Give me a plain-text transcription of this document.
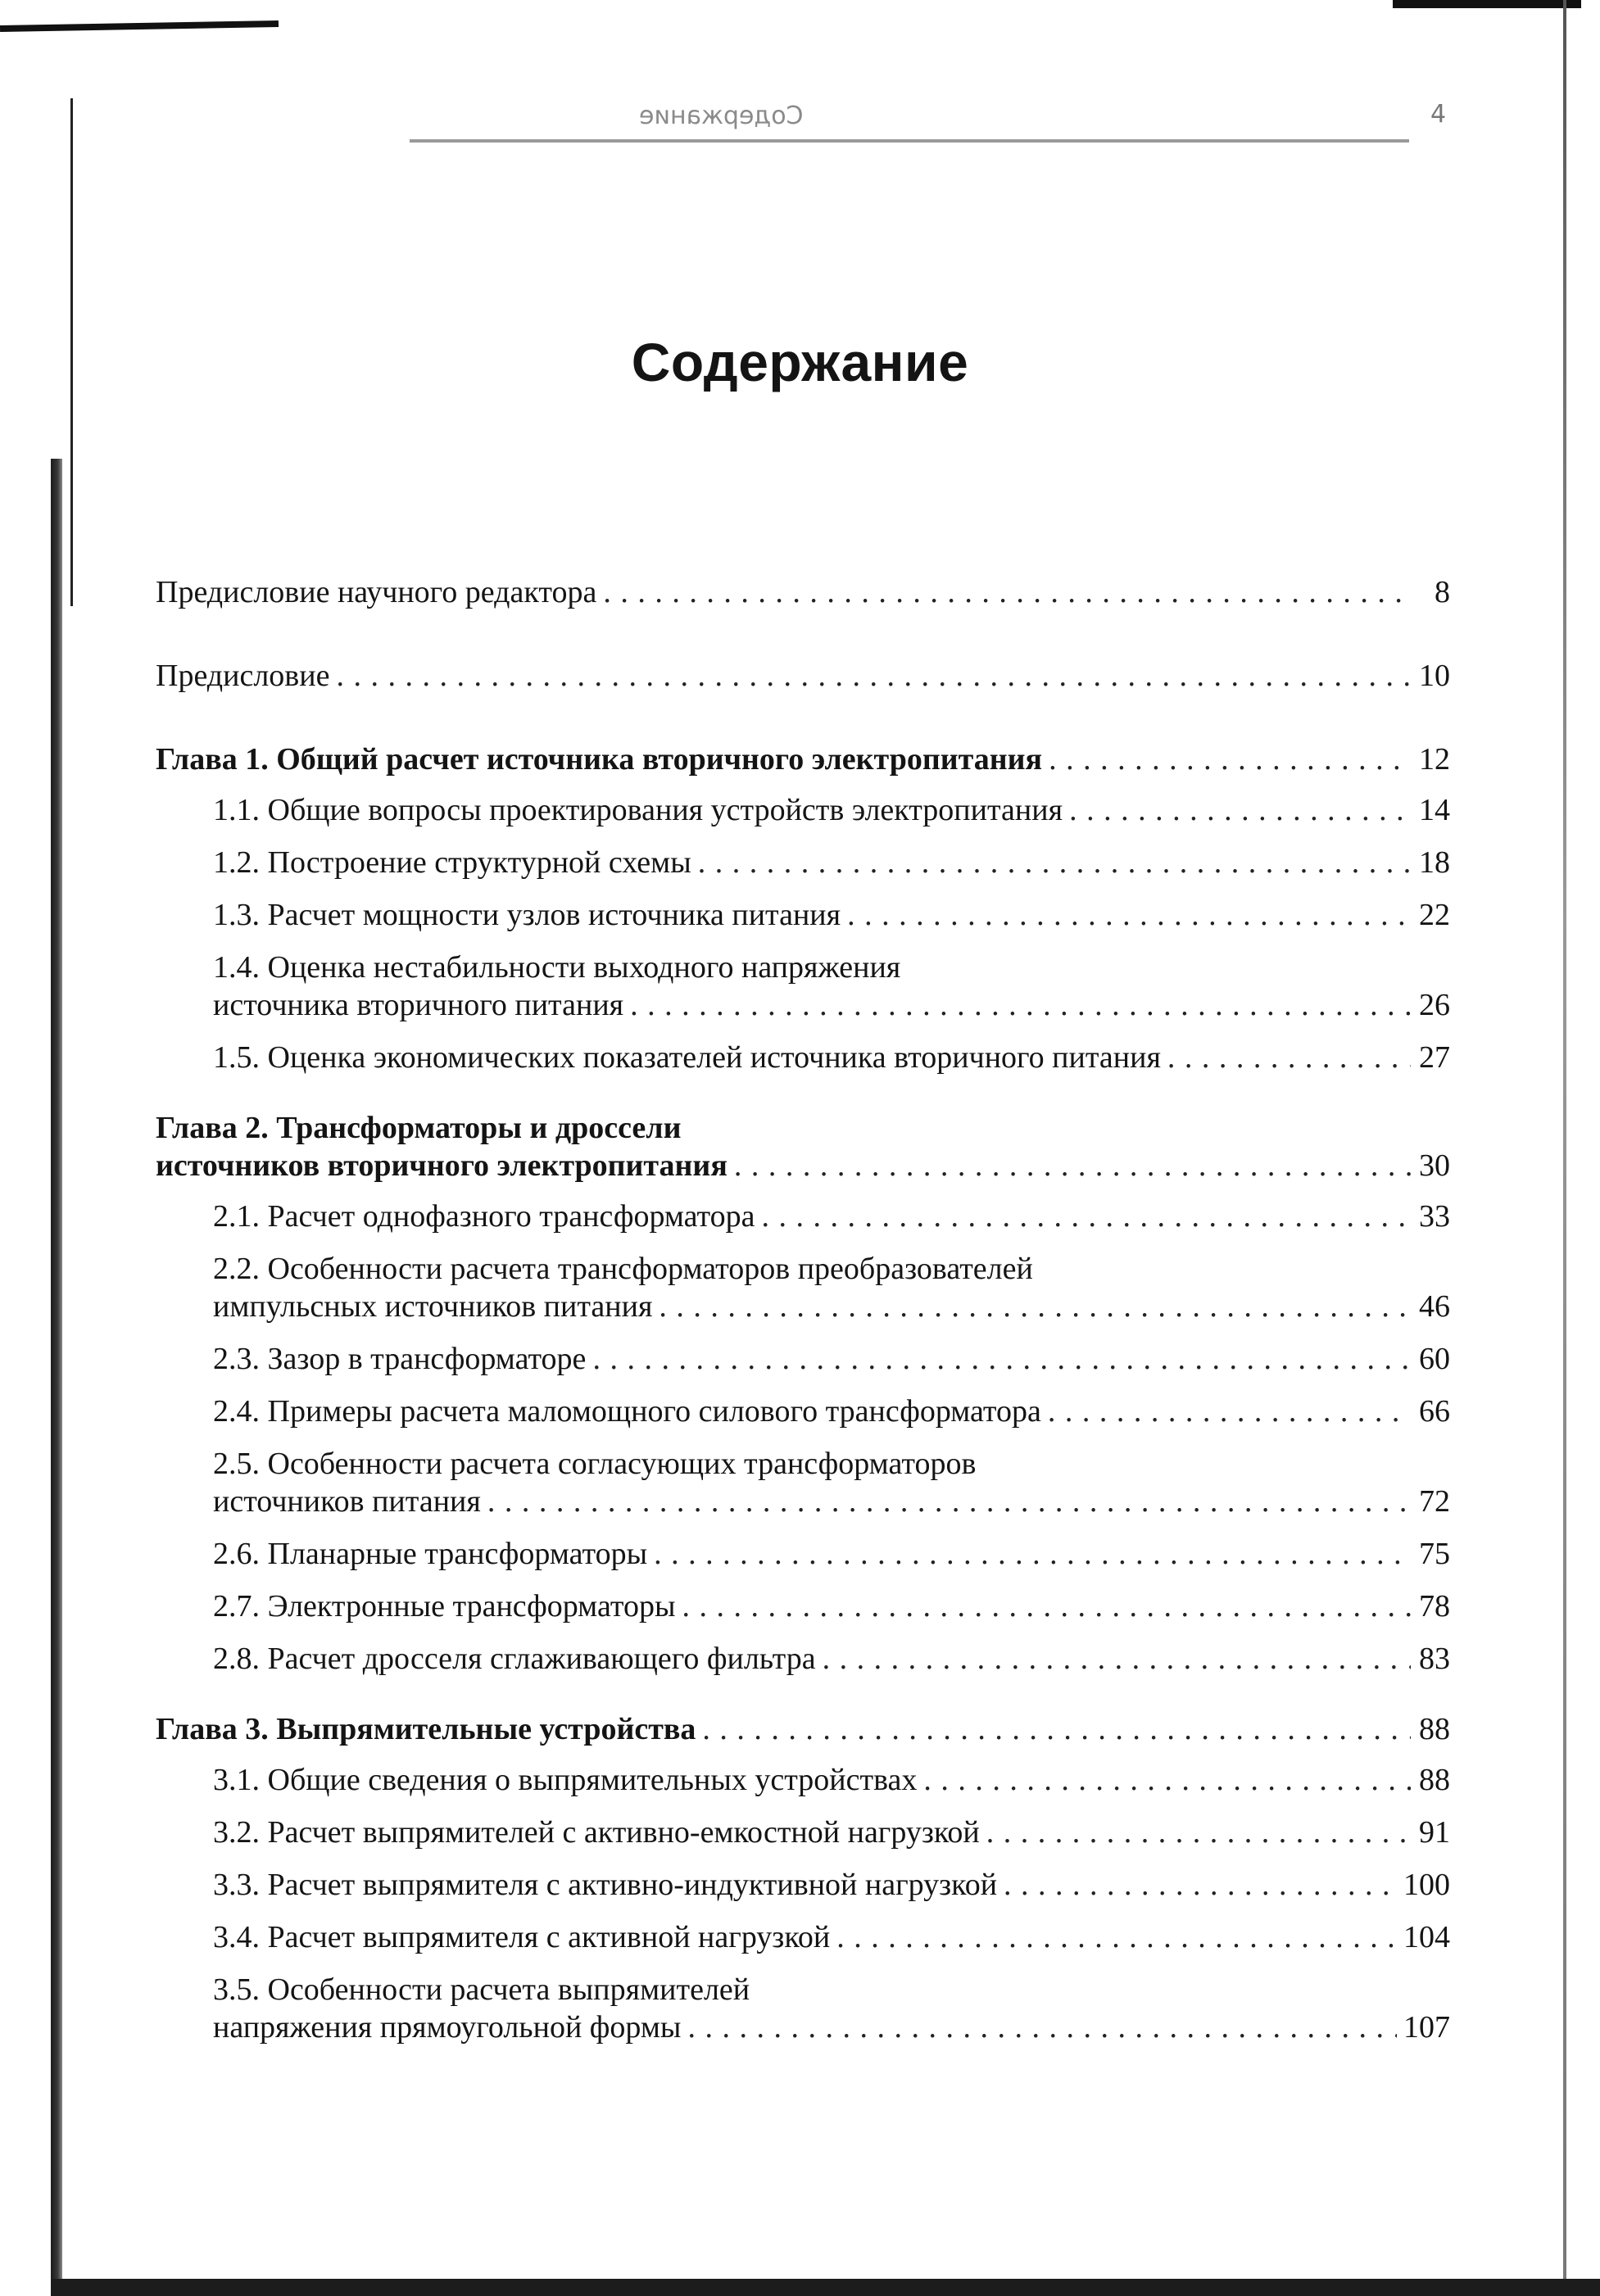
Содержание	4
Содержание
Предисловие научного редактора . . .	8
Предисловие . . .	10
Глава 1. Общий расчет источника вторичного электропитания . . .	12
1.1. Общие вопросы проектирования устройств электропитания . . .	14
1.2. Построение структурной схемы . . .	18
1.3. Расчет мощности узлов источника питания . . .	22
1.4. Оценка нестабильности выходного напряжения
источника вторичного питания . . .	26
1.5. Оценка экономических показателей источника вторичного питания . . .	27
Глава 2. Трансформаторы и дроссели
источников вторичного электропитания . . .	30
2.1. Расчет однофазного трансформатора . . .	33
2.2. Особенности расчета трансформаторов преобразователей
импульсных источников питания . . .	46
2.3. Зазор в трансформаторе . . .	60
2.4. Примеры расчета маломощного силового трансформатора . . .	66
2.5. Особенности расчета согласующих трансформаторов
источников питания . . .	72
2.6. Планарные трансформаторы . . .	75
2.7. Электронные трансформаторы . . .	78
2.8. Расчет дросселя сглаживающего фильтра . . .	83
Глава 3. Выпрямительные устройства . . .	88
3.1. Общие сведения о выпрямительных устройствах . . .	88
3.2. Расчет выпрямителей с активно-емкостной нагрузкой . . .	91
3.3. Расчет выпрямителя с активно-индуктивной нагрузкой . . .	100
3.4. Расчет выпрямителя с активной нагрузкой . . .	104
3.5. Особенности расчета выпрямителей
напряжения прямоугольной формы . . .	107
